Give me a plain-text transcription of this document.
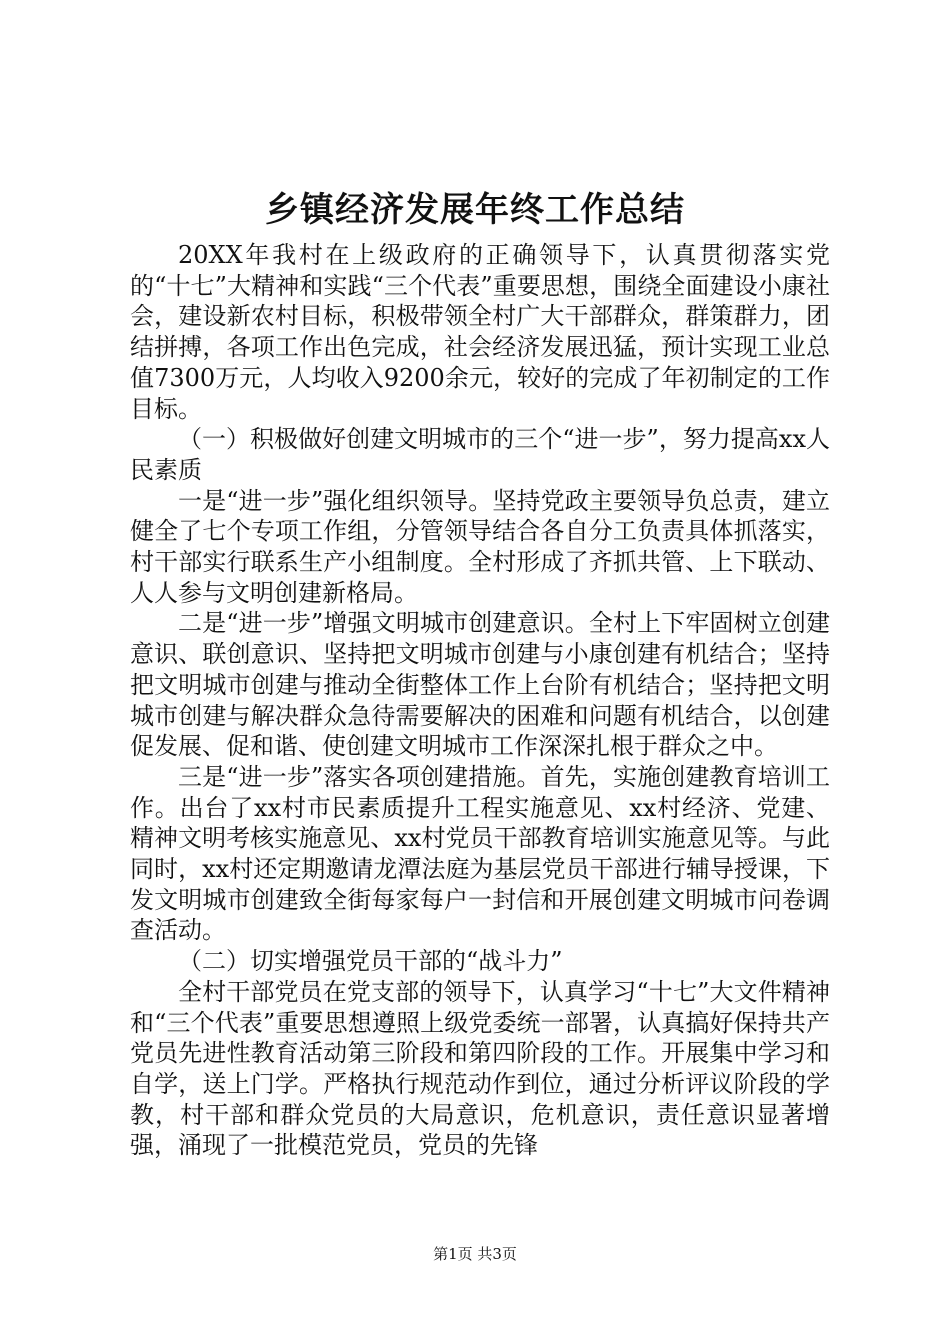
乡镇经济发展年终工作总结

20XX年我村在上级政府的正确领导下，认真贯彻落实党的“十七”大精神和实践“三个代表”重要思想，围绕全面建设小康社会，建设新农村目标，积极带领全村广大干部群众，群策群力，团结拼搏，各项工作出色完成，社会经济发展迅猛，预计实现工业总值7300万元，人均收入9200余元，较好的完成了年初制定的工作目标。

（一）积极做好创建文明城市的三个“进一步”，努力提高xx人民素质

一是“进一步”强化组织领导。坚持党政主要领导负总责，建立健全了七个专项工作组，分管领导结合各自分工负责具体抓落实，村干部实行联系生产小组制度。全村形成了齐抓共管、上下联动、人人参与文明创建新格局。

二是“进一步”增强文明城市创建意识。全村上下牢固树立创建意识、联创意识、坚持把文明城市创建与小康创建有机结合；坚持把文明城市创建与推动全街整体工作上台阶有机结合；坚持把文明城市创建与解决群众急待需要解决的困难和问题有机结合，以创建促发展、促和谐、使创建文明城市工作深深扎根于群众之中。

三是“进一步”落实各项创建措施。首先，实施创建教育培训工作。出台了xx村市民素质提升工程实施意见、xx村经济、党建、精神文明考核实施意见、xx村党员干部教育培训实施意见等。与此同时，xx村还定期邀请龙潭法庭为基层党员干部进行辅导授课，下发文明城市创建致全街每家每户一封信和开展创建文明城市问卷调查活动。

（二）切实增强党员干部的“战斗力”

全村干部党员在党支部的领导下，认真学习“十七”大文件精神和“三个代表”重要思想遵照上级党委统一部署，认真搞好保持共产党员先进性教育活动第三阶段和第四阶段的工作。开展集中学习和自学，送上门学。严格执行规范动作到位，通过分析评议阶段的学教，村干部和群众党员的大局意识，危机意识，责任意识显著增强，涌现了一批模范党员，党员的先锋

第1页 共3页
